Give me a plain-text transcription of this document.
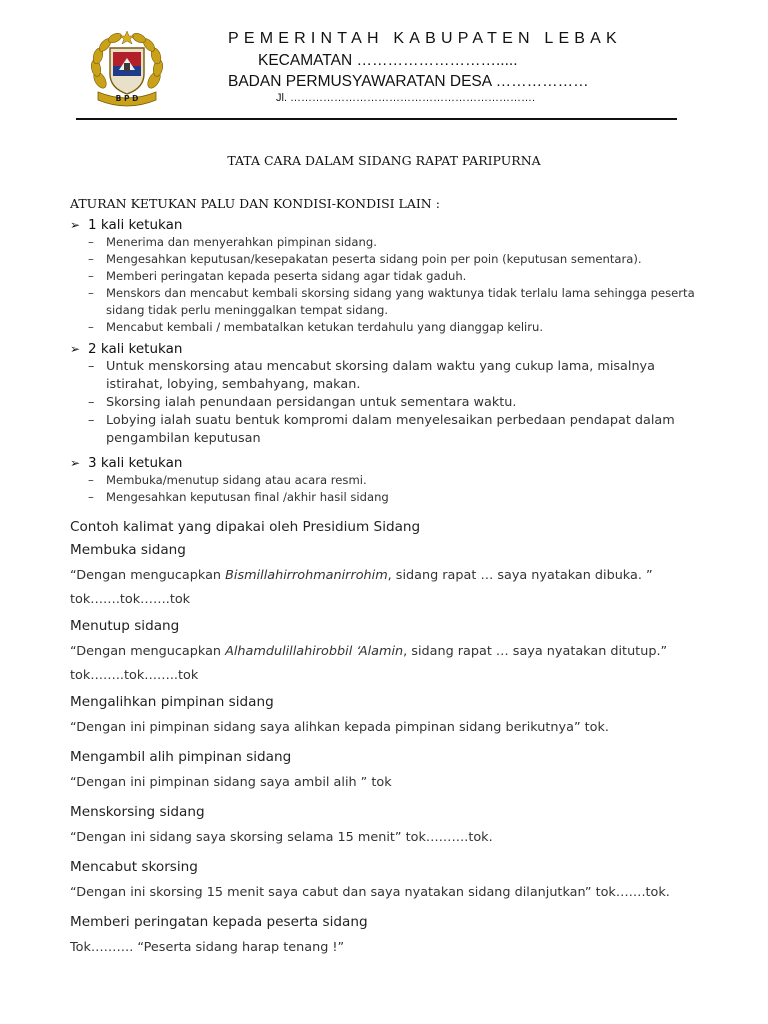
B P D
PEMERINTAH KABUPATEN LEBAK
KECAMATAN ……………………….....
BADAN PERMUSYAWARATAN DESA ………………
Jl. ………………………………………………………….
TATA CARA DALAM SIDANG RAPAT PARIPURNA
ATURAN KETUKAN PALU DAN KONDISI-KONDISI LAIN :
➢ 1 kali ketukan
– Menerima dan menyerahkan pimpinan sidang.
– Mengesahkan keputusan/kesepakatan peserta sidang poin per poin (keputusan sementara).
– Memberi peringatan kepada peserta sidang agar tidak gaduh.
– Menskors dan mencabut kembali skorsing sidang yang waktunya tidak terlalu lama sehingga peserta sidang tidak perlu meninggalkan tempat sidang.
– Mencabut kembali / membatalkan ketukan terdahulu yang dianggap keliru.
➢ 2 kali ketukan
– Untuk menskorsing atau mencabut skorsing dalam waktu yang cukup lama, misalnya istirahat, lobying, sembahyang, makan.
– Skorsing ialah penundaan persidangan untuk sementara waktu.
– Lobying ialah suatu bentuk kompromi dalam menyelesaikan perbedaan pendapat dalam pengambilan keputusan
➢ 3 kali ketukan
– Membuka/menutup sidang atau acara resmi.
– Mengesahkan keputusan final /akhir hasil sidang
Contoh kalimat yang dipakai oleh Presidium Sidang
Membuka sidang
“Dengan mengucapkan Bismillahirrohmanirrohim, sidang rapat … saya nyatakan dibuka. ”
tok…….tok…….tok
Menutup sidang
“Dengan mengucapkan Alhamdulillahirobbil ‘Alamin, sidang rapat … saya nyatakan ditutup.”
tok……..tok……..tok
Mengalihkan pimpinan sidang
“Dengan ini pimpinan sidang saya alihkan kepada pimpinan sidang berikutnya” tok.
Mengambil alih pimpinan sidang
“Dengan ini pimpinan sidang saya ambil alih ” tok
Menskorsing sidang
“Dengan ini sidang saya skorsing selama 15 menit” tok……….tok.
Mencabut skorsing
“Dengan ini skorsing 15 menit saya cabut dan saya nyatakan sidang dilanjutkan” tok…….tok.
Memberi peringatan kepada peserta sidang
Tok………. “Peserta sidang harap tenang !”
